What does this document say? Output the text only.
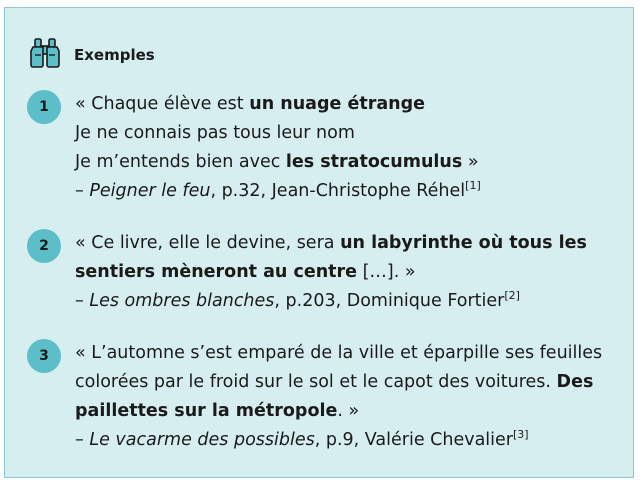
Exemples
1	« Chaque élève est un nuage étrange
Je ne connais pas tous leur nom
Je m’entends bien avec les stratocumulus »
– Peigner le feu, p.32, Jean-Christophe Réhel[1]
2	« Ce livre, elle le devine, sera un labyrinthe où tous les
sentiers mèneront au centre […]. »
– Les ombres blanches, p.203, Dominique Fortier[2]
3	« L’automne s’est emparé de la ville et éparpille ses feuilles
colorées par le froid sur le sol et le capot des voitures. Des
paillettes sur la métropole. »
– Le vacarme des possibles, p.9, Valérie Chevalier[3]
